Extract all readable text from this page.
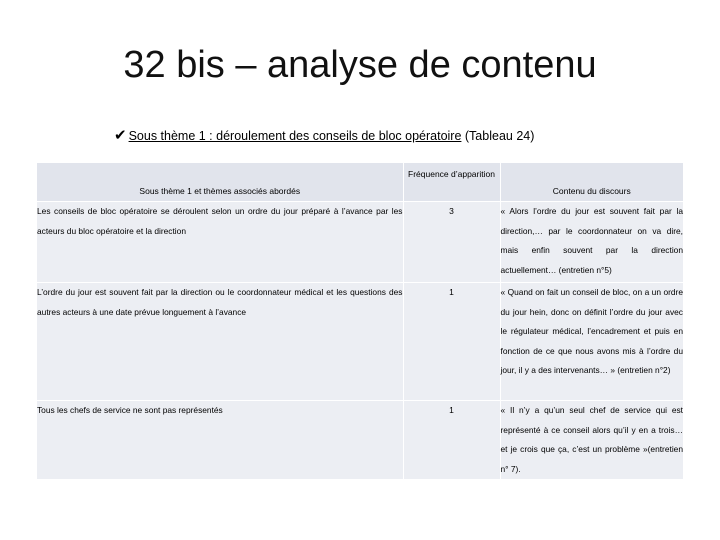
32 bis – analyse de contenu
✔ Sous thème 1 : déroulement des conseils de bloc opératoire (Tableau 24)
Sous thème 1 et thèmes associés abordés	Fréquence d’apparition	Contenu du discours
Les conseils de bloc opératoire se déroulent selon un ordre du jour préparé à l’avance par les acteurs du bloc opératoire et la direction	3	« Alors l’ordre du jour est souvent fait par la direction,… par le coordonnateur on va dire, mais enfin souvent par la direction actuellement… (entretien n°5)
L’ordre du jour est souvent fait par la direction ou le coordonnateur médical et les questions des autres acteurs à une date prévue longuement à l’avance	1	« Quand on fait un conseil de bloc, on a un ordre du jour hein, donc on définit l’ordre du jour avec le régulateur médical, l’encadrement et puis en fonction de ce que nous avons mis à l’ordre du jour, il y a des intervenants… » (entretien n°2)
Tous les chefs de service ne sont pas représentés	1	« Il n’y a qu’un seul chef de service qui est représenté à ce conseil alors qu’il y en a trois…et je crois que ça, c’est un problème »(entretien n° 7).
